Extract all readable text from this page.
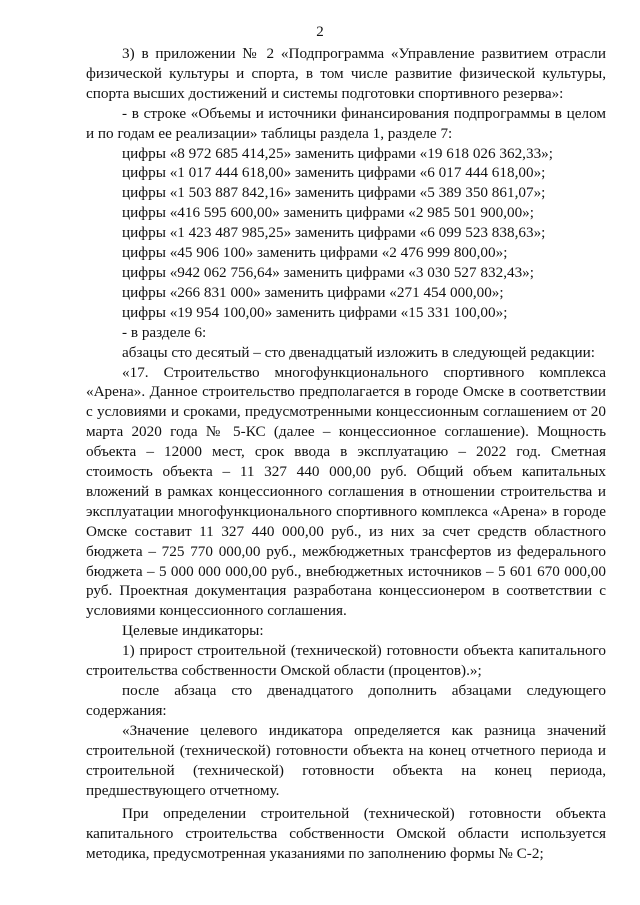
2

3) в приложении № 2 «Подпрограмма «Управление развитием отрасли физической культуры и спорта, в том числе развитие физической культуры, спорта высших достижений и системы подготовки спортивного резерва»:

- в строке «Объемы и источники финансирования подпрограммы в целом и по годам ее реализации» таблицы раздела 1, разделе 7:

цифры «8 972 685 414,25» заменить цифрами «19 618 026 362,33»;

цифры «1 017 444 618,00» заменить цифрами «6 017 444 618,00»;

цифры «1 503 887 842,16» заменить цифрами «5 389 350 861,07»;

цифры «416 595 600,00» заменить цифрами «2 985 501 900,00»;

цифры «1 423 487 985,25» заменить цифрами «6 099 523 838,63»;

цифры «45 906 100» заменить цифрами «2 476 999 800,00»;

цифры «942 062 756,64» заменить цифрами «3 030 527 832,43»;

цифры «266 831 000» заменить цифрами «271 454 000,00»;

цифры «19 954 100,00» заменить цифрами «15 331 100,00»;

- в разделе 6:

абзацы сто десятый – сто двенадцатый изложить в следующей редакции:

«17. Строительство многофункционального спортивного комплекса «Арена». Данное строительство предполагается в городе Омске в соответствии с условиями и сроками, предусмотренными концессионным соглашением от 20 марта 2020 года № 5-КС (далее – концессионное соглашение). Мощность объекта – 12000 мест, срок ввода в эксплуатацию – 2022 год. Сметная стоимость объекта – 11 327 440 000,00 руб. Общий объем капитальных вложений в рамках концессионного соглашения в отношении строительства и эксплуатации многофункционального спортивного комплекса «Арена» в городе Омске составит 11 327 440 000,00 руб., из них за счет средств областного бюджета – 725 770 000,00 руб., межбюджетных трансфертов из федерального бюджета – 5 000 000 000,00 руб., внебюджетных источников – 5 601 670 000,00 руб. Проектная документация разработана концессионером в соответствии с условиями концессионного соглашения.

Целевые индикаторы:

1) прирост строительной (технической) готовности объекта капитального строительства собственности Омской области (процентов).»;

после абзаца сто двенадцатого дополнить абзацами следующего содержания:

«Значение целевого индикатора определяется как разница значений строительной (технической) готовности объекта на конец отчетного периода и строительной (технической) готовности объекта на конец периода, предшествующего отчетному.

При определении строительной (технической) готовности объекта капитального строительства собственности Омской области используется методика, предусмотренная указаниями по заполнению формы № С-2;
